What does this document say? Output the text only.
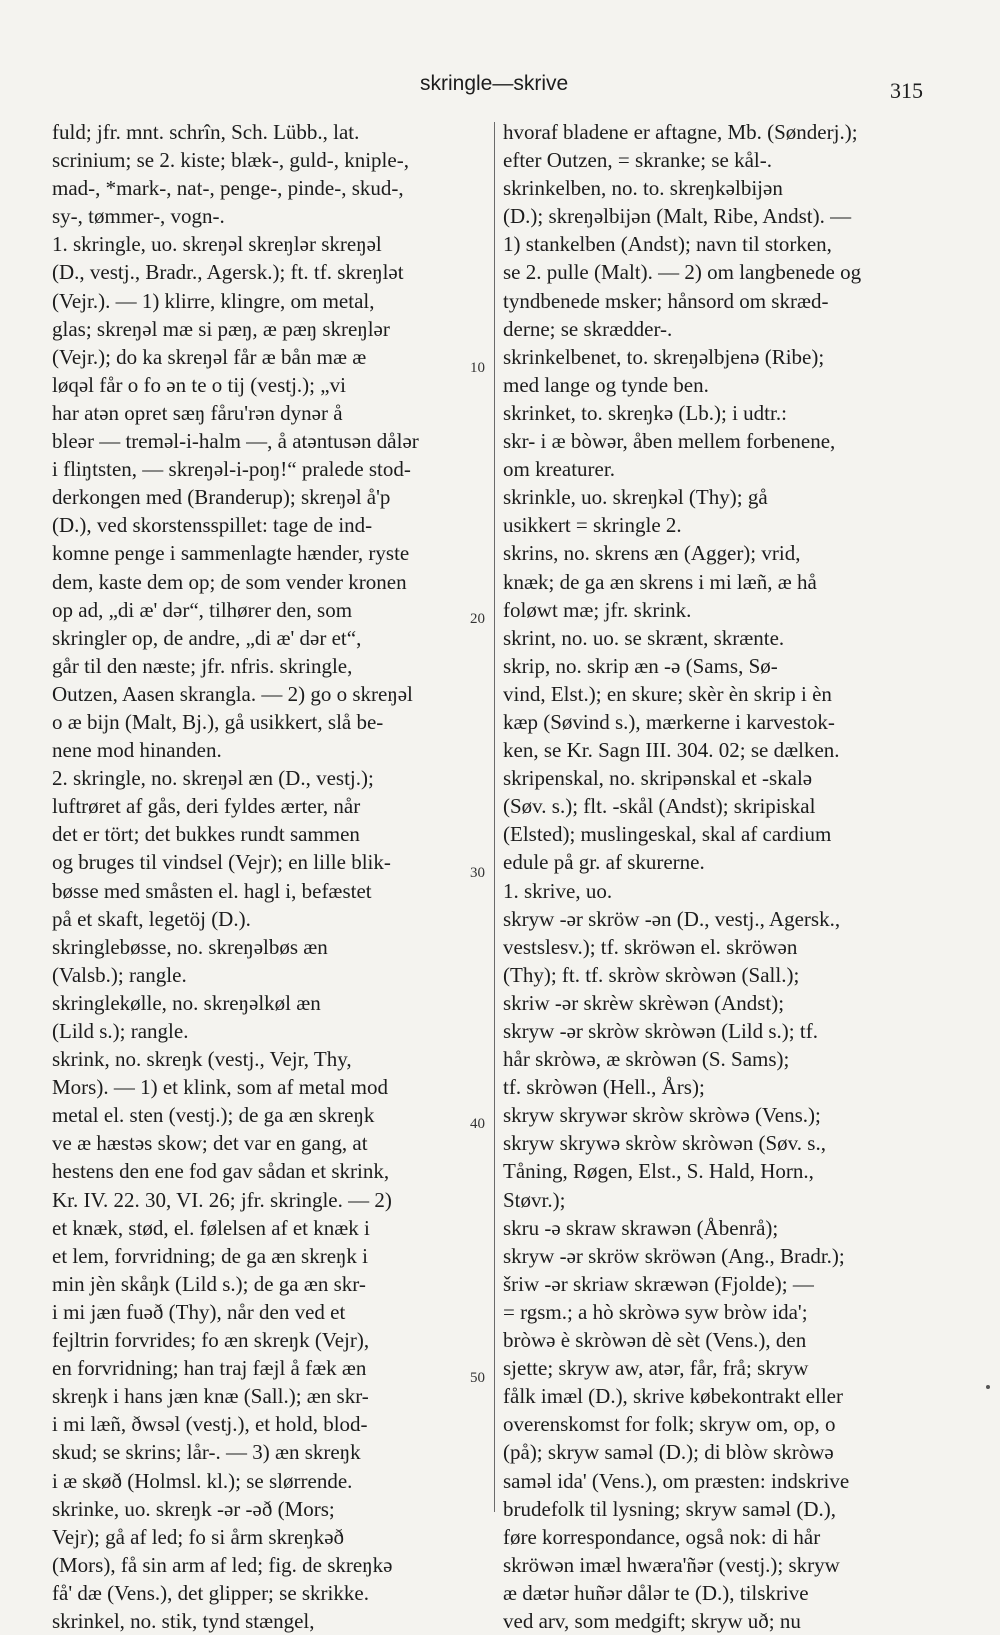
skringle—skrive	315
fuld; jfr. mnt. schrîn, Sch. Lübb., lat.
scrinium; se 2. kiste; blæk-, guld-, kniple-,
mad-, *mark-, nat-, penge-, pinde-, skud-,
sy-, tømmer-, vogn-.
1. skringle, uo. skreŋəl skreŋlər skreŋəl
(D., vestj., Bradr., Agersk.); ft. tf. skreŋlət
(Vejr.). — 1) klirre, klingre, om metal,
glas; skreŋəl mæ si pæŋ, æ pæŋ skreŋlər
(Vejr.); do ka skreŋəl får æ bån mæ æ
løqəl får o fo ən te o tij (vestj.); „vi
har atən opret sæŋ fåru'rən dynər å
bleər — treməl-i-halm —, å atəntusən dålər
i fliŋtsten, — skreŋəl-i-poŋ!“ pralede stod-
derkongen med (Branderup); skreŋəl å'p
(D.), ved skorstensspillet: tage de ind-
komne penge i sammenlagte hænder, ryste
dem, kaste dem op; de som vender kronen
op ad, „di æ' dər“, tilhører den, som
skringler op, de andre, „di æ' dər et“,
går til den næste; jfr. nfris. skringle,
Outzen, Aasen skrangla. — 2) go o skreŋəl
o æ bijn (Malt, Bj.), gå usikkert, slå be-
nene mod hinanden.
2. skringle, no. skreŋəl æn (D., vestj.);
luftrøret af gås, deri fyldes ærter, når
det er tört; det bukkes rundt sammen
og bruges til vindsel (Vejr); en lille blik-
bøsse med småsten el. hagl i, befæstet
på et skaft, legetöj (D.).
skringlebøsse, no. skreŋəlbøs æn
(Valsb.); rangle.
skringlekølle, no. skreŋəlkøl æn
(Lild s.); rangle.
skrink, no. skreŋk (vestj., Vejr, Thy,
Mors). — 1) et klink, som af metal mod
metal el. sten (vestj.); de ga æn skreŋk
ve æ hæstəs skow; det var en gang, at
hestens den ene fod gav sådan et skrink,
Kr. IV. 22. 30, VI. 26; jfr. skringle. — 2)
et knæk, stød, el. følelsen af et knæk i
et lem, forvridning; de ga æn skreŋk i
min jèn skåŋk (Lild s.); de ga æn skr-
i mi jæn fuəð (Thy), når den ved et
fejltrin forvrides; fo æn skreŋk (Vejr),
en forvridning; han traj fæjl å fæk æn
skreŋk i hans jæn knæ (Sall.); æn skr-
i mi læñ, ðwsəl (vestj.), et hold, blod-
skud; se skrins; lår-. — 3) æn skreŋk
i æ skøð (Holmsl. kl.); se slørrende.
skrinke, uo. skreŋk -ər -əð (Mors;
Vejr); gå af led; fo si årm skreŋkəð
(Mors), få sin arm af led; fig. de skreŋkə
få' dæ (Vens.), det glipper; se skrikke.
skrinkel, no. stik, tynd stængel,
hvoraf bladene er aftagne, Mb. (Sønderj.);
efter Outzen, = skranke; se kål-.
skrinkelben, no. to. skreŋkəlbijən
(D.); skreŋəlbijən (Malt, Ribe, Andst). —
1) stankelben (Andst); navn til storken,
se 2. pulle (Malt). — 2) om langbenede og
tyndbenede msker; hånsord om skræd-
derne; se skrædder-.
skrinkelbenet, to. skreŋəlbjenə (Ribe);
med lange og tynde ben.
skrinket, to. skreŋkə (Lb.); i udtr.:
skr- i æ bòwər, åben mellem forbenene,
om kreaturer.
skrinkle, uo. skreŋkəl (Thy); gå
usikkert = skringle 2.
skrins, no. skrens æn (Agger); vrid,
knæk; de ga æn skrens i mi læñ, æ hå
foløwt mæ; jfr. skrink.
skrint, no. uo. se skrænt, skrænte.
skrip, no. skrip æn -ə (Sams, Sø-
vind, Elst.); en skure; skèr èn skrip i èn
kæp (Søvind s.), mærkerne i karvestok-
ken, se Kr. Sagn III. 304. 02; se dælken.
skripenskal, no. skripənskal et -skalə
(Søv. s.); flt. -skål (Andst); skripiskal
(Elsted); muslingeskal, skal af cardium
edule på gr. af skurerne.
1. skrive, uo.
skryw -ər skröw -ən (D., vestj., Agersk.,
vestslesv.); tf. skröwən el. skröwən
(Thy); ft. tf. skròw skròwən (Sall.);
skriw -ər skrèw skrèwən (Andst);
skryw -ər skròw skròwən (Lild s.); tf.
hår skròwə, æ skròwən (S. Sams);
tf. skròwən (Hell., Års);
skryw skrywər skròw skròwə (Vens.);
skryw skrywə skròw skròwən (Søv. s.,
Tåning, Røgen, Elst., S. Hald, Horn.,
Støvr.);
skru -ə skraw skrawən (Åbenrå);
skryw -ər skröw skröwən (Ang., Bradr.);
šriw -ər skriaw skræwən (Fjolde); —
= rgsm.; a hò skròwə syw bròw ida';
bròwə è skròwən dè sèt (Vens.), den
sjette; skryw aw, atər, får, frå; skryw
fålk imæl (D.), skrive købekontrakt eller
overenskomst for folk; skryw om, op, o
(på); skryw saməl (D.); di blòw skròwə
saməl ida' (Vens.), om præsten: indskrive
brudefolk til lysning; skryw saməl (D.),
føre korrespondance, også nok: di hår
skröwən imæl hwæra'ñər (vestj.); skryw
æ dætər huñər dålər te (D.), tilskrive
ved arv, som medgift; skryw uð; nu
10
20
30
40
50
